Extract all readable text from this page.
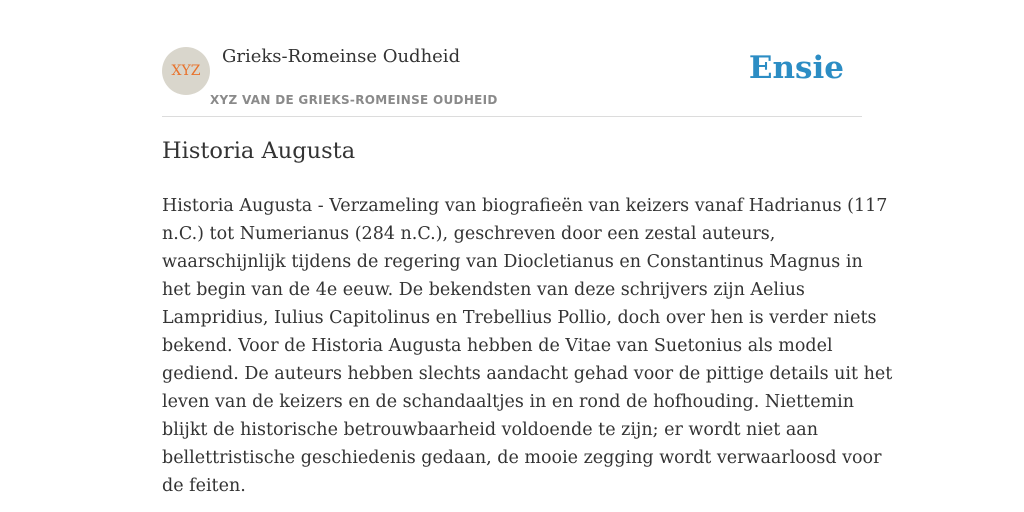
XYZ
Grieks-Romeinse Oudheid
XYZ VAN DE GRIEKS-ROMEINSE OUDHEID
Ensie
Historia Augusta

Historia Augusta - Verzameling van biografieën van keizers vanaf Hadrianus (117
n.C.) tot Numerianus (284 n.C.), geschreven door een zestal auteurs,
waarschijnlijk tijdens de regering van Diocletianus en Constantinus Magnus in
het begin van de 4e eeuw. De bekendsten van deze schrijvers zijn Aelius
Lampridius, Iulius Capitolinus en Trebellius Pollio, doch over hen is verder niets
bekend. Voor de Historia Augusta hebben de Vitae van Suetonius als model
gediend. De auteurs hebben slechts aandacht gehad voor de pittige details uit het
leven van de keizers en de schandaaltjes in en rond de hofhouding. Niettemin
blijkt de historische betrouwbaarheid voldoende te zijn; er wordt niet aan
bellettristische geschiedenis gedaan, de mooie zegging wordt verwaarloosd voor
de feiten.
